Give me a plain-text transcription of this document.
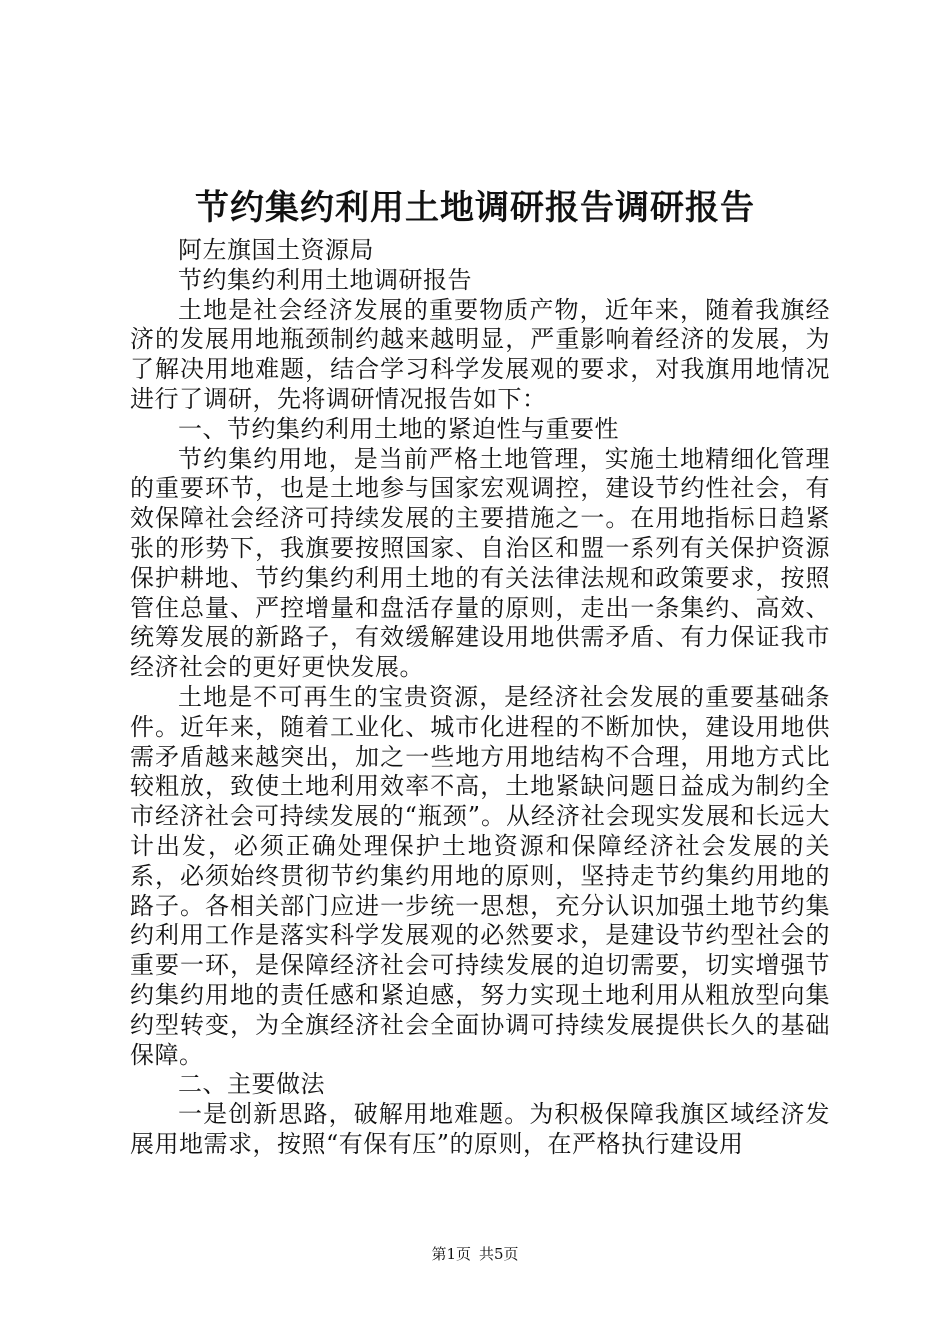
节约集约利用土地调研报告调研报告

阿左旗国土资源局

节约集约利用土地调研报告

土地是社会经济发展的重要物质产物，近年来，随着我旗经济的发展用地瓶颈制约越来越明显，严重影响着经济的发展，为了解决用地难题，结合学习科学发展观的要求，对我旗用地情况进行了调研，先将调研情况报告如下：

一、节约集约利用土地的紧迫性与重要性

节约集约用地，是当前严格土地管理，实施土地精细化管理的重要环节，也是土地参与国家宏观调控，建设节约性社会，有效保障社会经济可持续发展的主要措施之一。在用地指标日趋紧张的形势下，我旗要按照国家、自治区和盟一系列有关保护资源保护耕地、节约集约利用土地的有关法律法规和政策要求，按照管住总量、严控增量和盘活存量的原则，走出一条集约、高效、统筹发展的新路子，有效缓解建设用地供需矛盾、有力保证我市经济社会的更好更快发展。

土地是不可再生的宝贵资源，是经济社会发展的重要基础条件。近年来，随着工业化、城市化进程的不断加快，建设用地供需矛盾越来越突出，加之一些地方用地结构不合理，用地方式比较粗放，致使土地利用效率不高，土地紧缺问题日益成为制约全市经济社会可持续发展的“瓶颈”。从经济社会现实发展和长远大计出发，必须正确处理保护土地资源和保障经济社会发展的关系，必须始终贯彻节约集约用地的原则，坚持走节约集约用地的路子。各相关部门应进一步统一思想，充分认识加强土地节约集约利用工作是落实科学发展观的必然要求，是建设节约型社会的重要一环，是保障经济社会可持续发展的迫切需要，切实增强节约集约用地的责任感和紧迫感，努力实现土地利用从粗放型向集约型转变，为全旗经济社会全面协调可持续发展提供长久的基础保障。

二、主要做法

一是创新思路，破解用地难题。为积极保障我旗区域经济发展用地需求，按照“有保有压”的原则，在严格执行建设用

第1页 共5页
